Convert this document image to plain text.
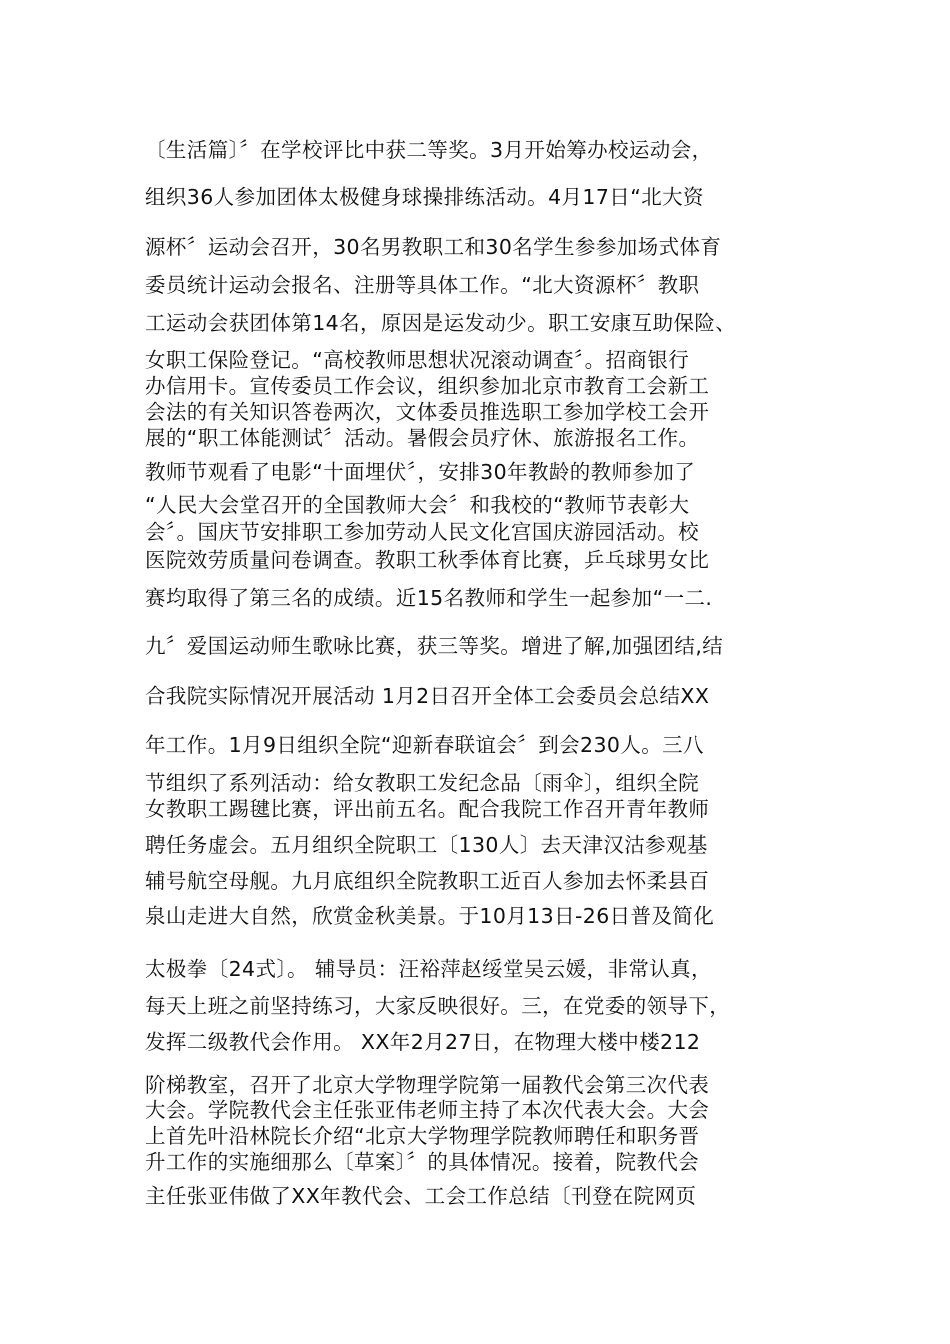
〔生活篇〕〞在学校评比中获二等奖。3月开始筹办校运动会，
组织36人参加团体太极健身球操排练活动。4月17日“北大资
源杯〞运动会召开，30名男教职工和30名学生参参加场式体育
委员统计运动会报名、注册等具体工作。“北大资源杯〞教职
工运动会获团体第14名，原因是运发动少。职工安康互助保险、
女职工保险登记。“高校教师思想状况滚动调查〞。招商银行
办信用卡。宣传委员工作会议，组织参加北京市教育工会新工
会法的有关知识答卷两次，文体委员推选职工参加学校工会开
展的“职工体能测试〞活动。暑假会员疗休、旅游报名工作。
教师节观看了电影“十面埋伏〞，安排30年教龄的教师参加了
“人民大会堂召开的全国教师大会〞和我校的“教师节表彰大
会〞。国庆节安排职工参加劳动人民文化宫国庆游园活动。校
医院效劳质量问卷调查。教职工秋季体育比赛，乒乓球男女比
赛均取得了第三名的成绩。近15名教师和学生一起参加“一二.
九〞爱国运动师生歌咏比赛，获三等奖。增进了解,加强团结,结
合我院实际情况开展活动 1月2日召开全体工会委员会总结XX
年工作。1月9日组织全院“迎新春联谊会〞到会230人。三八
节组织了系列活动：给女教职工发纪念品〔雨伞〕，组织全院
女教职工踢毽比赛，评出前五名。配合我院工作召开青年教师
聘任务虚会。五月组织全院职工〔130人〕去天津汉沽参观基
辅号航空母舰。九月底组织全院教职工近百人参加去怀柔县百
泉山走进大自然，欣赏金秋美景。于10月13日-26日普及简化
太极拳〔24式〕。 辅导员：汪裕萍赵绥堂吴云媛，非常认真，
每天上班之前坚持练习，大家反映很好。三，在党委的领导下，
发挥二级教代会作用。 XX年2月27日，在物理大楼中楼212
阶梯教室，召开了北京大学物理学院第一届教代会第三次代表
大会。学院教代会主任张亚伟老师主持了本次代表大会。大会
上首先叶沿林院长介绍“北京大学物理学院教师聘任和职务晋
升工作的实施细那么〔草案〕〞的具体情况。接着，院教代会
主任张亚伟做了XX年教代会、工会工作总结〔刊登在院网页
